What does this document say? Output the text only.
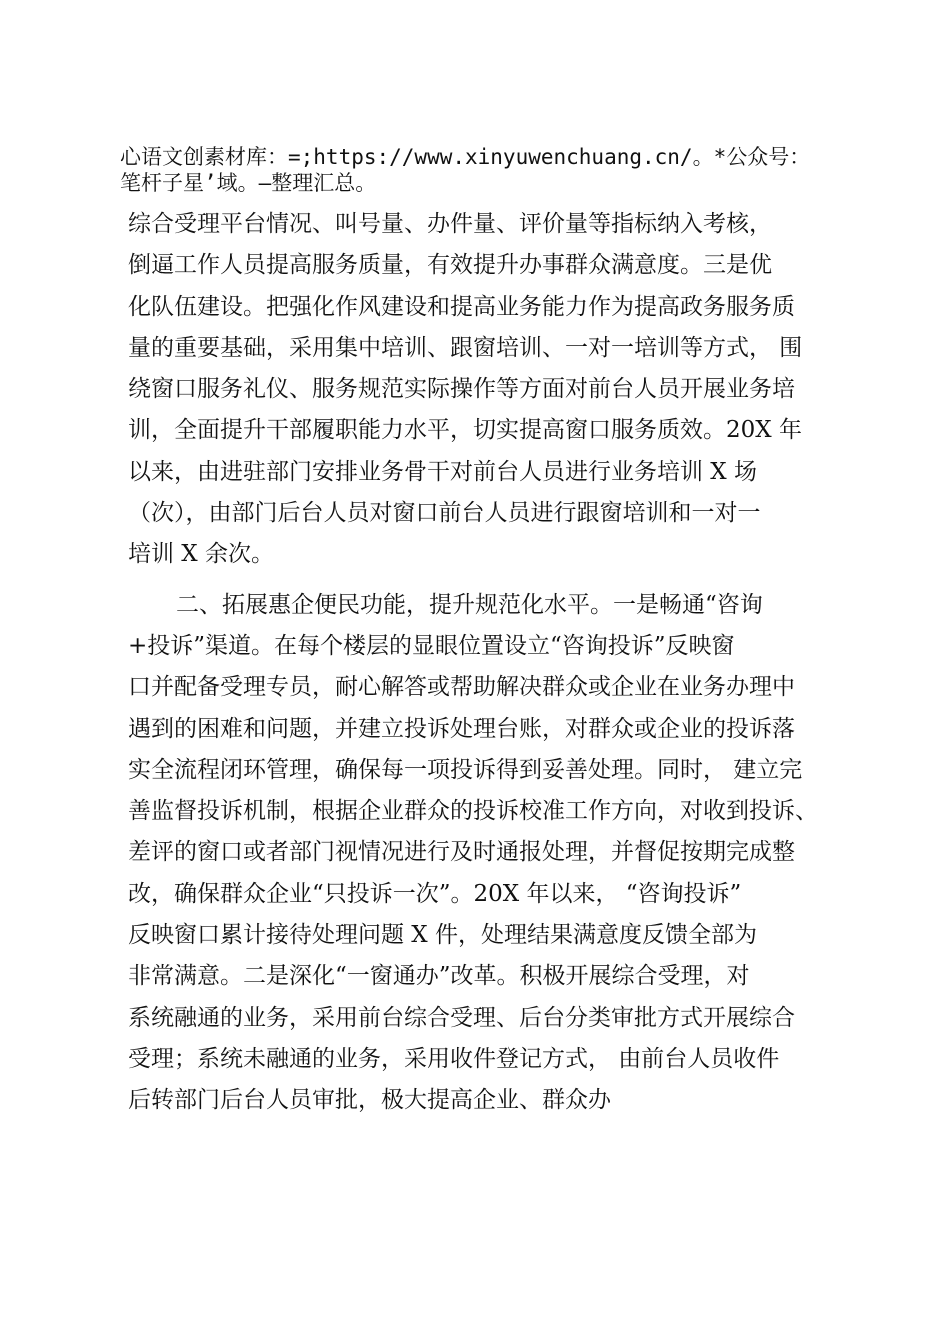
心语文创素材库：=;https://www.xinyuwenchuang.cn/。*公众号：
笔杆子星’域。—整理汇总。
综合受理平台情况、叫号量、办件量、评价量等指标纳入考核，
倒逼工作人员提高服务质量，有效提升办事群众满意度。三是优
化队伍建设。把强化作风建设和提高业务能力作为提高政务服务质
量的重要基础，采用集中培训、跟窗培训、一对一培训等方式， 围
绕窗口服务礼仪、服务规范实际操作等方面对前台人员开展业务培
训，全面提升干部履职能力水平，切实提高窗口服务质效。20X 年
以来，由进驻部门安排业务骨干对前台人员进行业务培训 X 场
（次），由部门后台人员对窗口前台人员进行跟窗培训和一对一
培训 X 余次。
二、拓展惠企便民功能，提升规范化水平。一是畅通“咨询
+投诉”渠道。在每个楼层的显眼位置设立“咨询投诉”反映窗
口并配备受理专员，耐心解答或帮助解决群众或企业在业务办理中
遇到的困难和问题，并建立投诉处理台账，对群众或企业的投诉落
实全流程闭环管理，确保每一项投诉得到妥善处理。同时， 建立完
善监督投诉机制，根据企业群众的投诉校准工作方向，对收到投诉、
差评的窗口或者部门视情况进行及时通报处理，并督促按期完成整
改，确保群众企业“只投诉一次”。20X 年以来， “咨询投诉”
反映窗口累计接待处理问题 X 件，处理结果满意度反馈全部为
非常满意。二是深化“一窗通办”改革。积极开展综合受理，对
系统融通的业务，采用前台综合受理、后台分类审批方式开展综合
受理；系统未融通的业务，采用收件登记方式， 由前台人员收件
后转部门后台人员审批，极大提高企业、群众办
